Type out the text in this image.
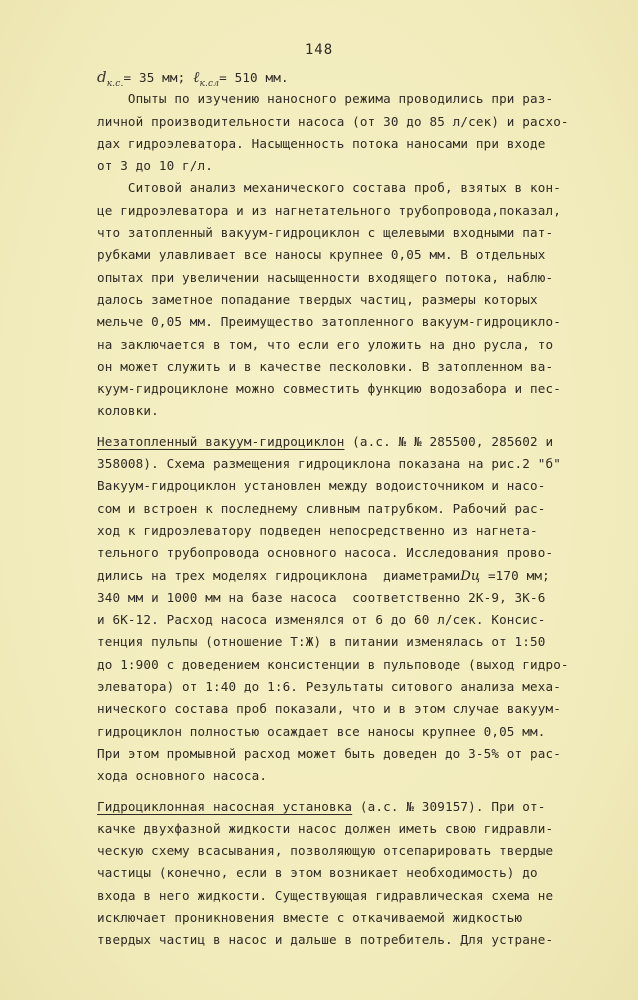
148
$d_{к.с.}= 35$ мм; ℓ$_{к.сл}$= 510 мм.
Опыты по изучению наносного режима проводились при раз-
личной производительности насоса (от 30 до 85 л/сек) и расхо-
дах гидроэлеватора. Насыщенность потока наносами при входе
от 3 до 10 г/л.
Ситовой анализ механического состава проб, взятых в кон-
це гидроэлеватора и из нагнетательного трубопровода,показал,
что затопленный вакуум-гидроциклон с щелевыми входными пат-
рубками улавливает все наносы крупнее 0,05 мм. В отдельных
опытах при увеличении насыщенности входящего потока, наблю-
далось заметное попадание твердых частиц, размеры которых
мельче 0,05 мм. Преимущество затопленного вакуум-гидроцикло-
на заключается в том, что если его уложить на дно русла, то
он может служить и в качестве песколовки. В затопленном ва-
куум-гидроциклоне можно совместить функцию водозабора и пес-
коловки.
Незатопленный вакуум-гидроциклон (а.с. № № 285500, 285602 и
358008). Схема размещения гидроциклона показана на рис.2 "б"
Вакуум-гидроциклон установлен между водоисточником и насо-
сом и встроен к последнему сливным патрубком. Рабочий рас-
ход к гидроэлеватору подведен непосредственно из нагнета-
тельного трубопровода основного насоса. Исследования прово-
дились на трех моделях гидроциклона  диаметрамиDц =170 мм;
340 мм и 1000 мм на базе насоса  соответственно 2К-9, 3К-6
и 6К-12. Расход насоса изменялся от 6 до 60 л/сек. Консис-
тенция пульпы (отношение Т:Ж) в питании изменялась от 1:50
до 1:900 с доведением консистенции в пульповоде (выход гидро-
элеватора) от 1:40 до 1:6. Результаты ситового анализа меха-
нического состава проб показали, что и в этом случае вакуум-
гидроциклон полностью осаждает все наносы крупнее 0,05 мм.
При этом промывной расход может быть доведен до 3-5% от рас-
хода основного насоса.
Гидроциклонная насосная установка (а.с. № 309157). При от-
качке двухфазной жидкости насос должен иметь свою гидравли-
ческую схему всасывания, позволяющую отсепарировать твердые
частицы (конечно, если в этом возникает необходимость) до
входа в него жидкости. Существующая гидравлическая схема не
исключает проникновения вместе с откачиваемой жидкостью
твердых частиц в насос и дальше в потребитель. Для устране-
